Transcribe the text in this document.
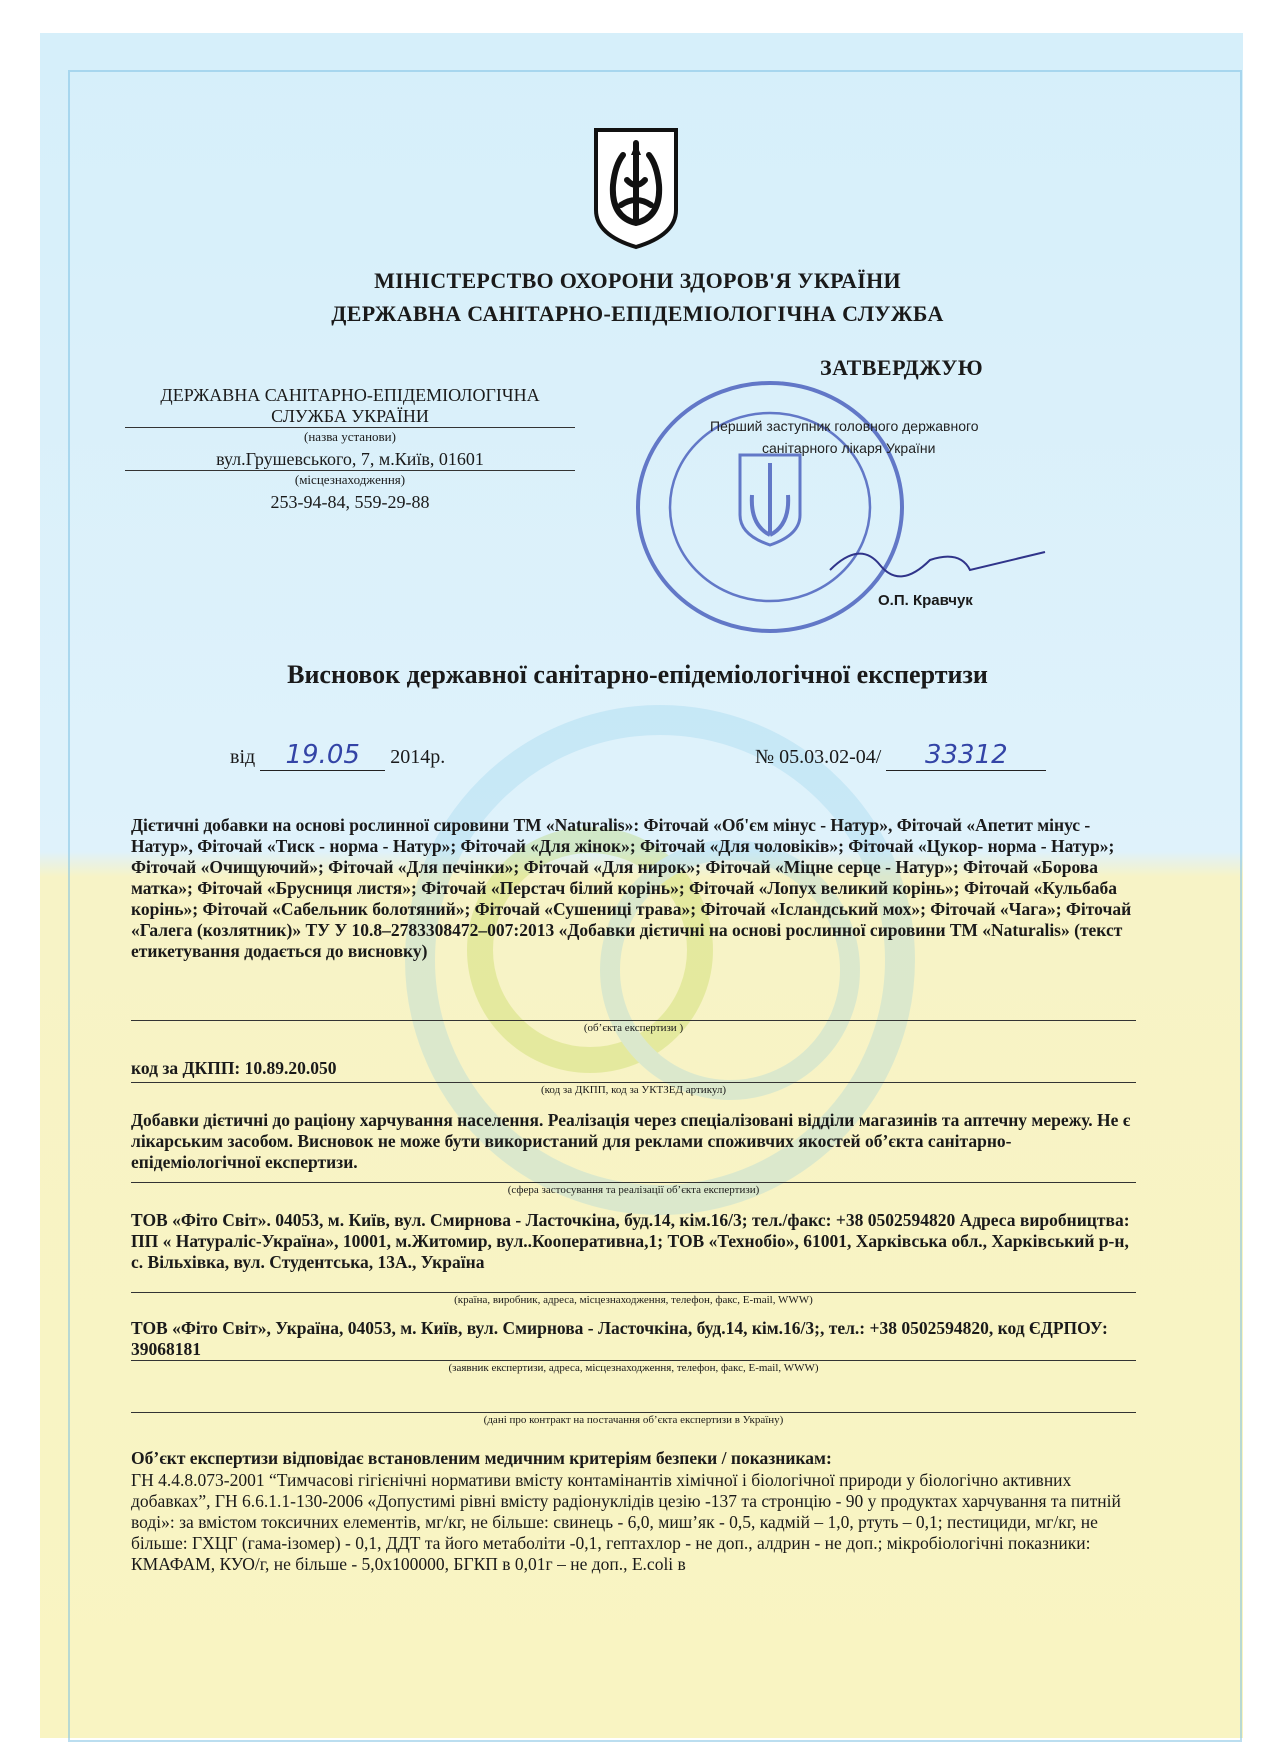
МІНІСТЕРСТВО ОХОРОНИ ЗДОРОВ'Я УКРАЇНИ
ДЕРЖАВНА САНІТАРНО-ЕПІДЕМІОЛОГІЧНА СЛУЖБА
ЗАТВЕРДЖУЮ
ДЕРЖАВНА САНІТАРНО-ЕПІДЕМІОЛОГІЧНА
СЛУЖБА УКРАЇНИ
(назва установи)
вул.Грушевського, 7, м.Київ, 01601
(місцезнаходження)
253-94-84, 559-29-88
Перший заступник головного державного
санітарного лікаря України
О.П. Кравчук
Висновок державної санітарно-епідеміологічної експертизи
від 19.05 2014р.	№ 05.03.02-04/ 33312
Дієтичні добавки на основі рослинної сировини ТМ «Naturalis»: Фіточай «Об'єм мінус - Натур», Фіточай «Апетит мінус - Натур», Фіточай «Тиск - норма - Натур»; Фіточай «Для жінок»; Фіточай «Для чоловіків»; Фіточай «Цукор- норма - Натур»; Фіточай «Очищуючий»; Фіточай «Для печінки»; Фіточай «Для нирок»; Фіточай «Міцне серце - Натур»; Фіточай «Борова матка»; Фіточай «Брусниця листя»; Фіточай «Перстач білий корінь»; Фіточай «Лопух великий корінь»; Фіточай «Кульбаба корінь»; Фіточай «Сабельник болотяний»; Фіточай «Сушениці трава»; Фіточай «Ісландський мох»; Фіточай «Чага»; Фіточай «Галега (козлятник)» ТУ У 10.8–2783308472–007:2013 «Добавки дієтичні на основі рослинної сировини ТМ «Naturalis» (текст етикетування додається до висновку)
(об’єкта експертизи )
код за ДКПП: 10.89.20.050
(код за ДКПП, код за УКТЗЕД артикул)
Добавки дієтичні до раціону харчування населення. Реалізація через спеціалізовані відділи магазинів та аптечну мережу. Не є лікарським засобом. Висновок не може бути використаний для реклами споживчих якостей об’єкта санітарно-епідеміологічної експертизи.
(сфера застосування та реалізації об’єкта експертизи)
ТОВ «Фіто Світ». 04053, м. Київ, вул. Смирнова - Ласточкіна, буд.14, кім.16/3; тел./факс: +38 0502594820 Адреса виробництва: ПП « Натураліс-Україна», 10001, м.Житомир, вул..Кооперативна,1; ТОВ «Технобіо», 61001, Харківська обл., Харківський р-н, с. Вільхівка, вул. Студентська, 13А., Україна
(країна, виробник, адреса, місцезнаходження, телефон, факс, E-mail, WWW)
ТОВ «Фіто Світ», Україна, 04053, м. Київ, вул. Смирнова - Ласточкіна, буд.14, кім.16/3;, тел.: +38 0502594820, код ЄДРПОУ: 39068181
(заявник експертизи, адреса, місцезнаходження, телефон, факс, E-mail, WWW)
(дані про контракт на постачання об’єкта експертизи в Україну)
Об’єкт експертизи відповідає встановленим медичним критеріям безпеки / показникам:
ГН 4.4.8.073-2001 “Тимчасові гігієнічні нормативи вмісту контамінантів хімічної і біологічної природи у біологічно активних добавках”, ГН 6.6.1.1-130-2006 «Допустимі рівні вмісту радіонуклідів цезію -137 та стронцію - 90 у продуктах харчування та питній воді»: за вмістом токсичних елементів, мг/кг, не більше: свинець - 6,0, миш’як - 0,5, кадмій – 1,0, ртуть – 0,1; пестициди, мг/кг, не більше: ГХЦГ (гама-ізомер) - 0,1, ДДТ та його метаболіти -0,1, гептахлор - не доп., алдрин - не доп.; мікробіологічні показники: КМАФАМ, КУО/г, не більше - 5,0х100000, БГКП в 0,01г – не доп., E.coli в
